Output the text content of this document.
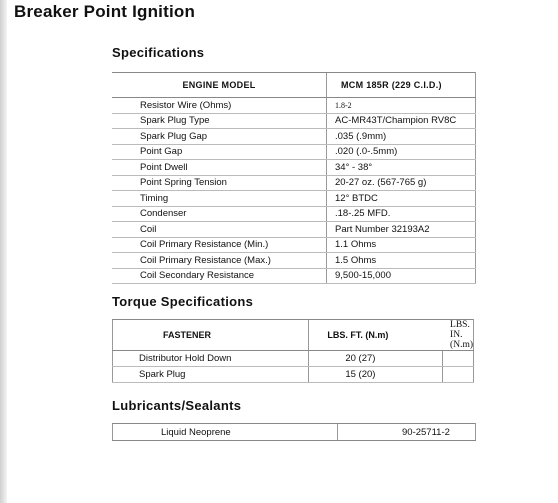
Breaker Point Ignition
Specifications
ENGINE MODEL	MCM 185R (229 C.I.D.)
Resistor Wire (Ohms)	1.8-2
Spark Plug Type	AC-MR43T/Champion RV8C
Spark Plug Gap	.035 (.9mm)
Point Gap	.020 (.0-.5mm)
Point Dwell	34° - 38°
Point Spring Tension	20-27 oz. (567-765 g)
Timing	12° BTDC
Condenser	.18-.25 MFD.
Coil	Part Number 32193A2
Coil Primary Resistance (Min.)	1.1 Ohms
Coil Primary Resistance (Max.)	1.5 Ohms
Coil Secondary Resistance	9,500-15,000
Torque Specifications
FASTENER	LBS. FT. (N.m)	LBS. IN. (N.m)
Distributor Hold Down	20 (27)	
Spark Plug	15 (20)	
Lubricants/Sealants
Liquid Neoprene	90-25711-2
